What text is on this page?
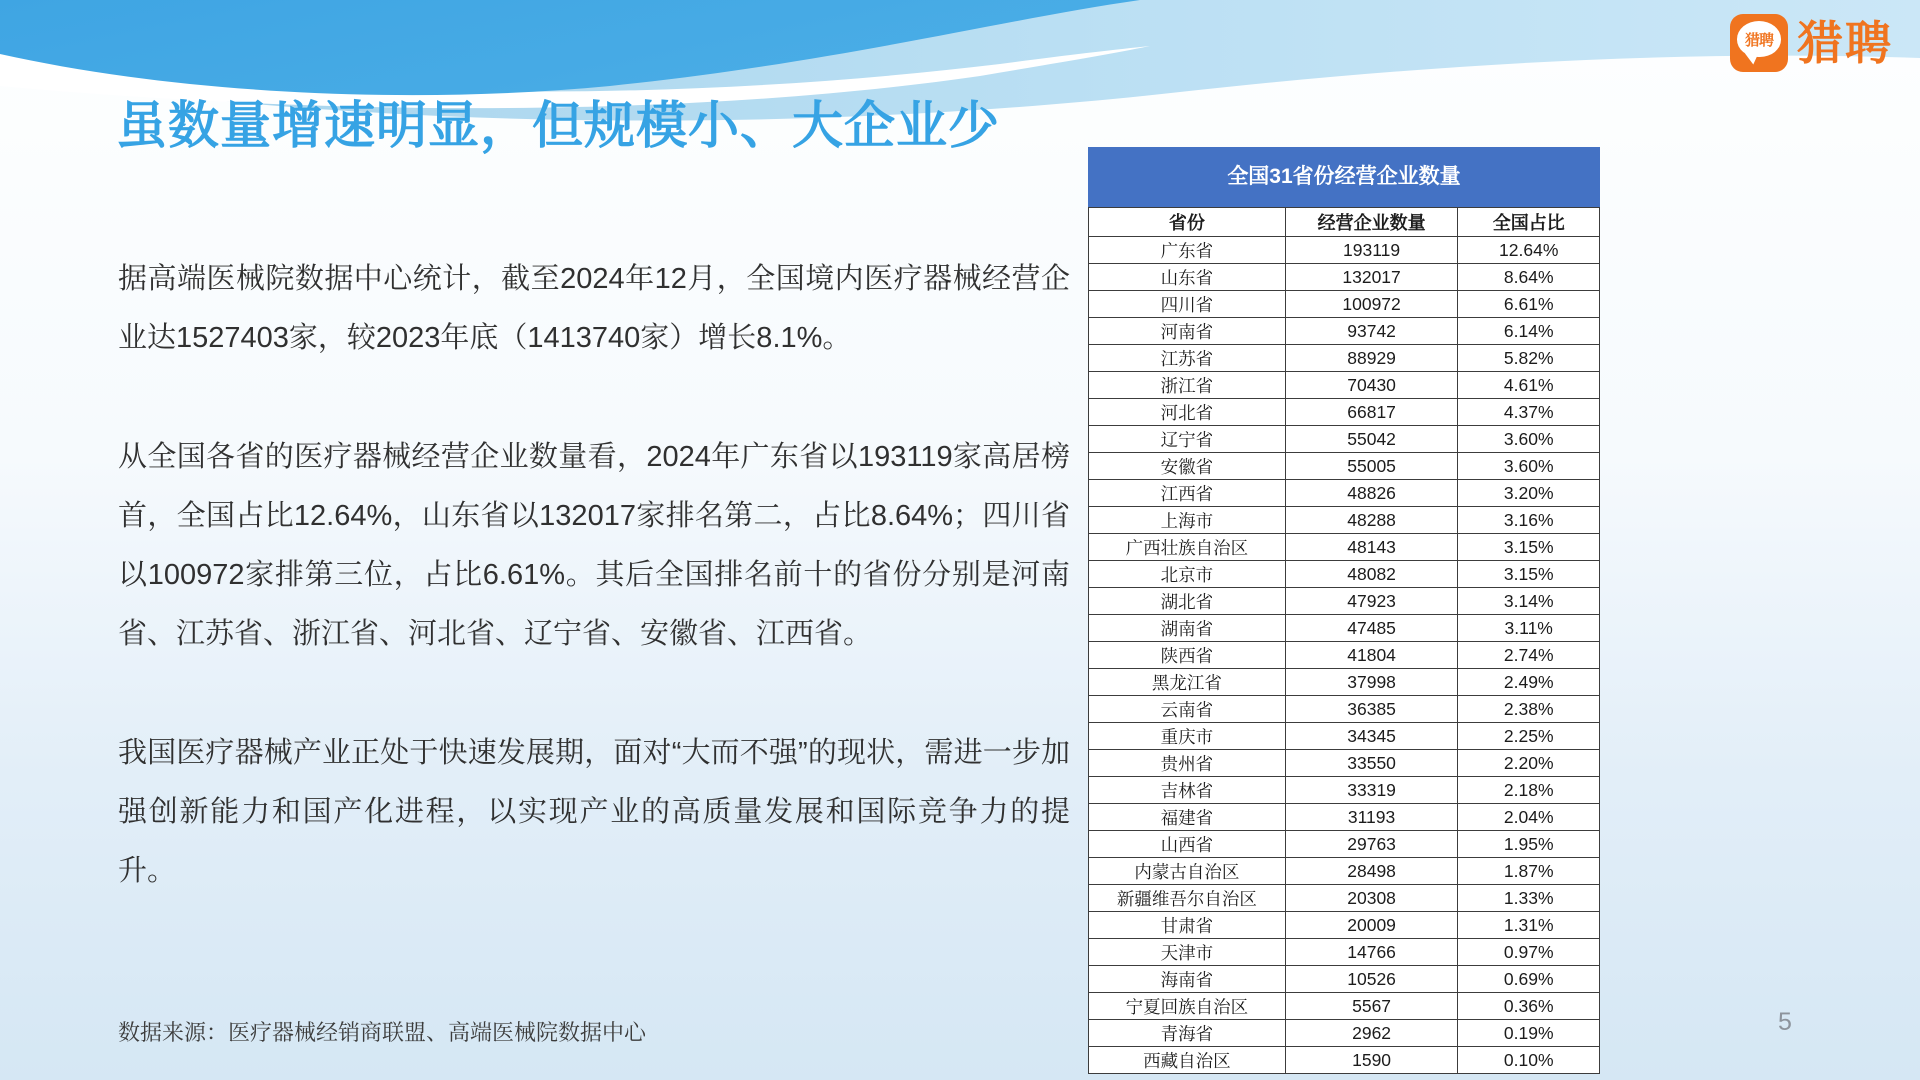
猎聘 猎聘
虽数量增速明显，但规模小、大企业少

据高端医械院数据中心统计，截至2024年12月，全国境内医疗器械经营企业达1527403家，较2023年底（1413740家）增长8.1%。

从全国各省的医疗器械经营企业数量看，2024年广东省以193119家高居榜首，全国占比12.64%，山东省以132017家排名第二，占比8.64%；四川省以100972家排第三位，占比6.61%。其后全国排名前十的省份分别是河南省、江苏省、浙江省、河北省、辽宁省、安徽省、江西省。

我国医疗器械产业正处于快速发展期，面对“大而不强”的现状，需进一步加强创新能力和国产化进程，以实现产业的高质量发展和国际竞争力的提升。

数据来源：医疗器械经销商联盟、高端医械院数据中心
全国31省份经营企业数量
省份	经营企业数量	全国占比
广东省	193119	12.64%
山东省	132017	8.64%
四川省	100972	6.61%
河南省	93742	6.14%
江苏省	88929	5.82%
浙江省	70430	4.61%
河北省	66817	4.37%
辽宁省	55042	3.60%
安徽省	55005	3.60%
江西省	48826	3.20%
上海市	48288	3.16%
广西壮族自治区	48143	3.15%
北京市	48082	3.15%
湖北省	47923	3.14%
湖南省	47485	3.11%
陕西省	41804	2.74%
黑龙江省	37998	2.49%
云南省	36385	2.38%
重庆市	34345	2.25%
贵州省	33550	2.20%
吉林省	33319	2.18%
福建省	31193	2.04%
山西省	29763	1.95%
内蒙古自治区	28498	1.87%
新疆维吾尔自治区	20308	1.33%
甘肃省	20009	1.31%
天津市	14766	0.97%
海南省	10526	0.69%
宁夏回族自治区	5567	0.36%
青海省	2962	0.19%
西藏自治区	1590	0.10%
5
